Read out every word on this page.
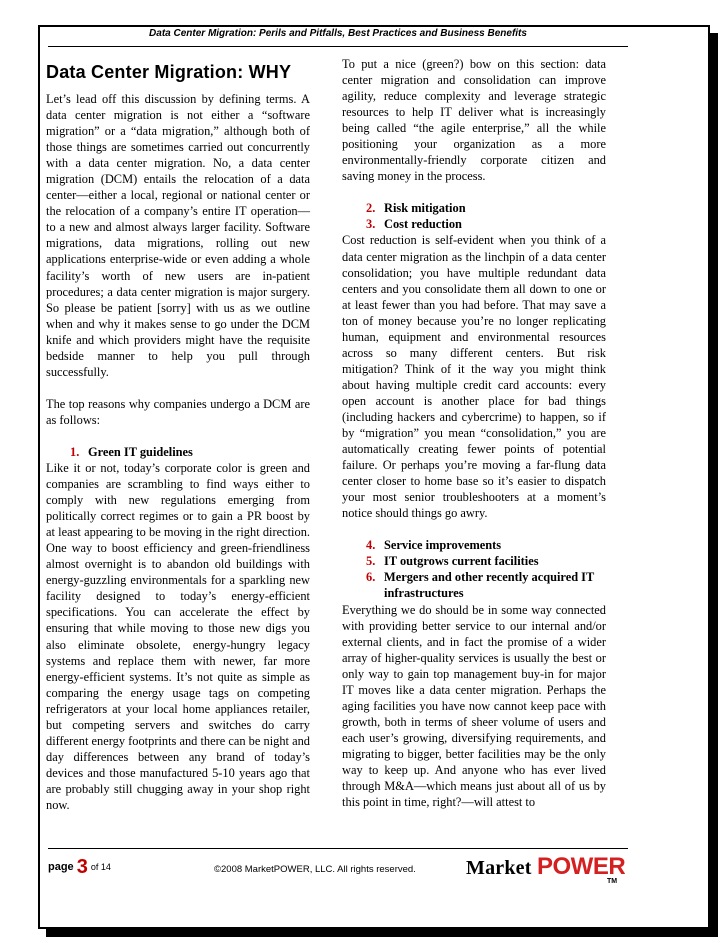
Data Center Migration: Perils and Pitfalls, Best Practices and Business Benefits
Data Center Migration: WHY

Let’s lead off this discussion by defining terms. A data center migration is not either a “software migration” or a “data migration,” although both of those things are sometimes carried out concurrently with a data center migration. No, a data center migration (DCM) entails the relocation of a data center—either a local, regional or national center or the relocation of a company’s entire IT operation—to a new and almost always larger facility. Software migrations, data migrations, rolling out new applications enterprise-wide or even adding a whole facility’s worth of new users are in-patient procedures; a data center migration is major surgery. So please be patient [sorry] with us as we outline when and why it makes sense to go under the DCM knife and which providers might have the requisite bedside manner to help you pull through successfully.

The top reasons why companies undergo a DCM are as follows:

1. Green IT guidelines

Like it or not, today’s corporate color is green and companies are scrambling to find ways either to comply with new regulations emerging from politically correct regimes or to gain a PR boost by at least appearing to be moving in the right direction. One way to boost efficiency and green-friendliness almost overnight is to abandon old buildings with energy-guzzling environmentals for a sparkling new facility designed to today’s energy-efficient specifications. You can accelerate the effect by ensuring that while moving to those new digs you also eliminate obsolete, energy-hungry legacy systems and replace them with newer, far more energy-efficient systems. It’s not quite as simple as comparing the energy usage tags on competing refrigerators at your local home appliances retailer, but competing servers and switches do carry different energy footprints and there can be night and day differences between any brand of today’s devices and those manufactured 5-10 years ago that are probably still chugging away in your shop right now.

To put a nice (green?) bow on this section: data center migration and consolidation can improve agility, reduce complexity and leverage strategic resources to help IT deliver what is increasingly being called “the agile enterprise,” all the while positioning your organization as a more environmentally-friendly corporate citizen and saving money in the process.

2. Risk mitigation
3. Cost reduction

Cost reduction is self-evident when you think of a data center migration as the linchpin of a data center consolidation; you have multiple redundant data centers and you consolidate them all down to one or at least fewer than you had before. That may save a ton of money because you’re no longer replicating human, equipment and environmental resources across so many different centers. But risk mitigation? Think of it the way you might think about having multiple credit card accounts: every open account is another place for bad things (including hackers and cybercrime) to happen, so if by “migration” you mean “consolidation,” you are automatically creating fewer points of potential failure. Or perhaps you’re moving a far-flung data center closer to home base so it’s easier to dispatch your most senior troubleshooters at a moment’s notice should things go awry.

4. Service improvements
5. IT outgrows current facilities
6. Mergers and other recently acquired IT infrastructures

Everything we do should be in some way connected with providing better service to our internal and/or external clients, and in fact the promise of a wider array of higher-quality services is usually the best or only way to gain top management buy-in for major IT moves like a data center migration. Perhaps the aging facilities you have now cannot keep pace with growth, both in terms of sheer volume of users and each user’s growing, diversifying requirements, and migrating to bigger, better facilities may be the only way to keep up. And anyone who has ever lived through M&A—which means just about all of us by this point in time, right?—will attest to

page 3 of 14	©2008 MarketPOWER, LLC. All rights reserved.	Market POWER
TM
